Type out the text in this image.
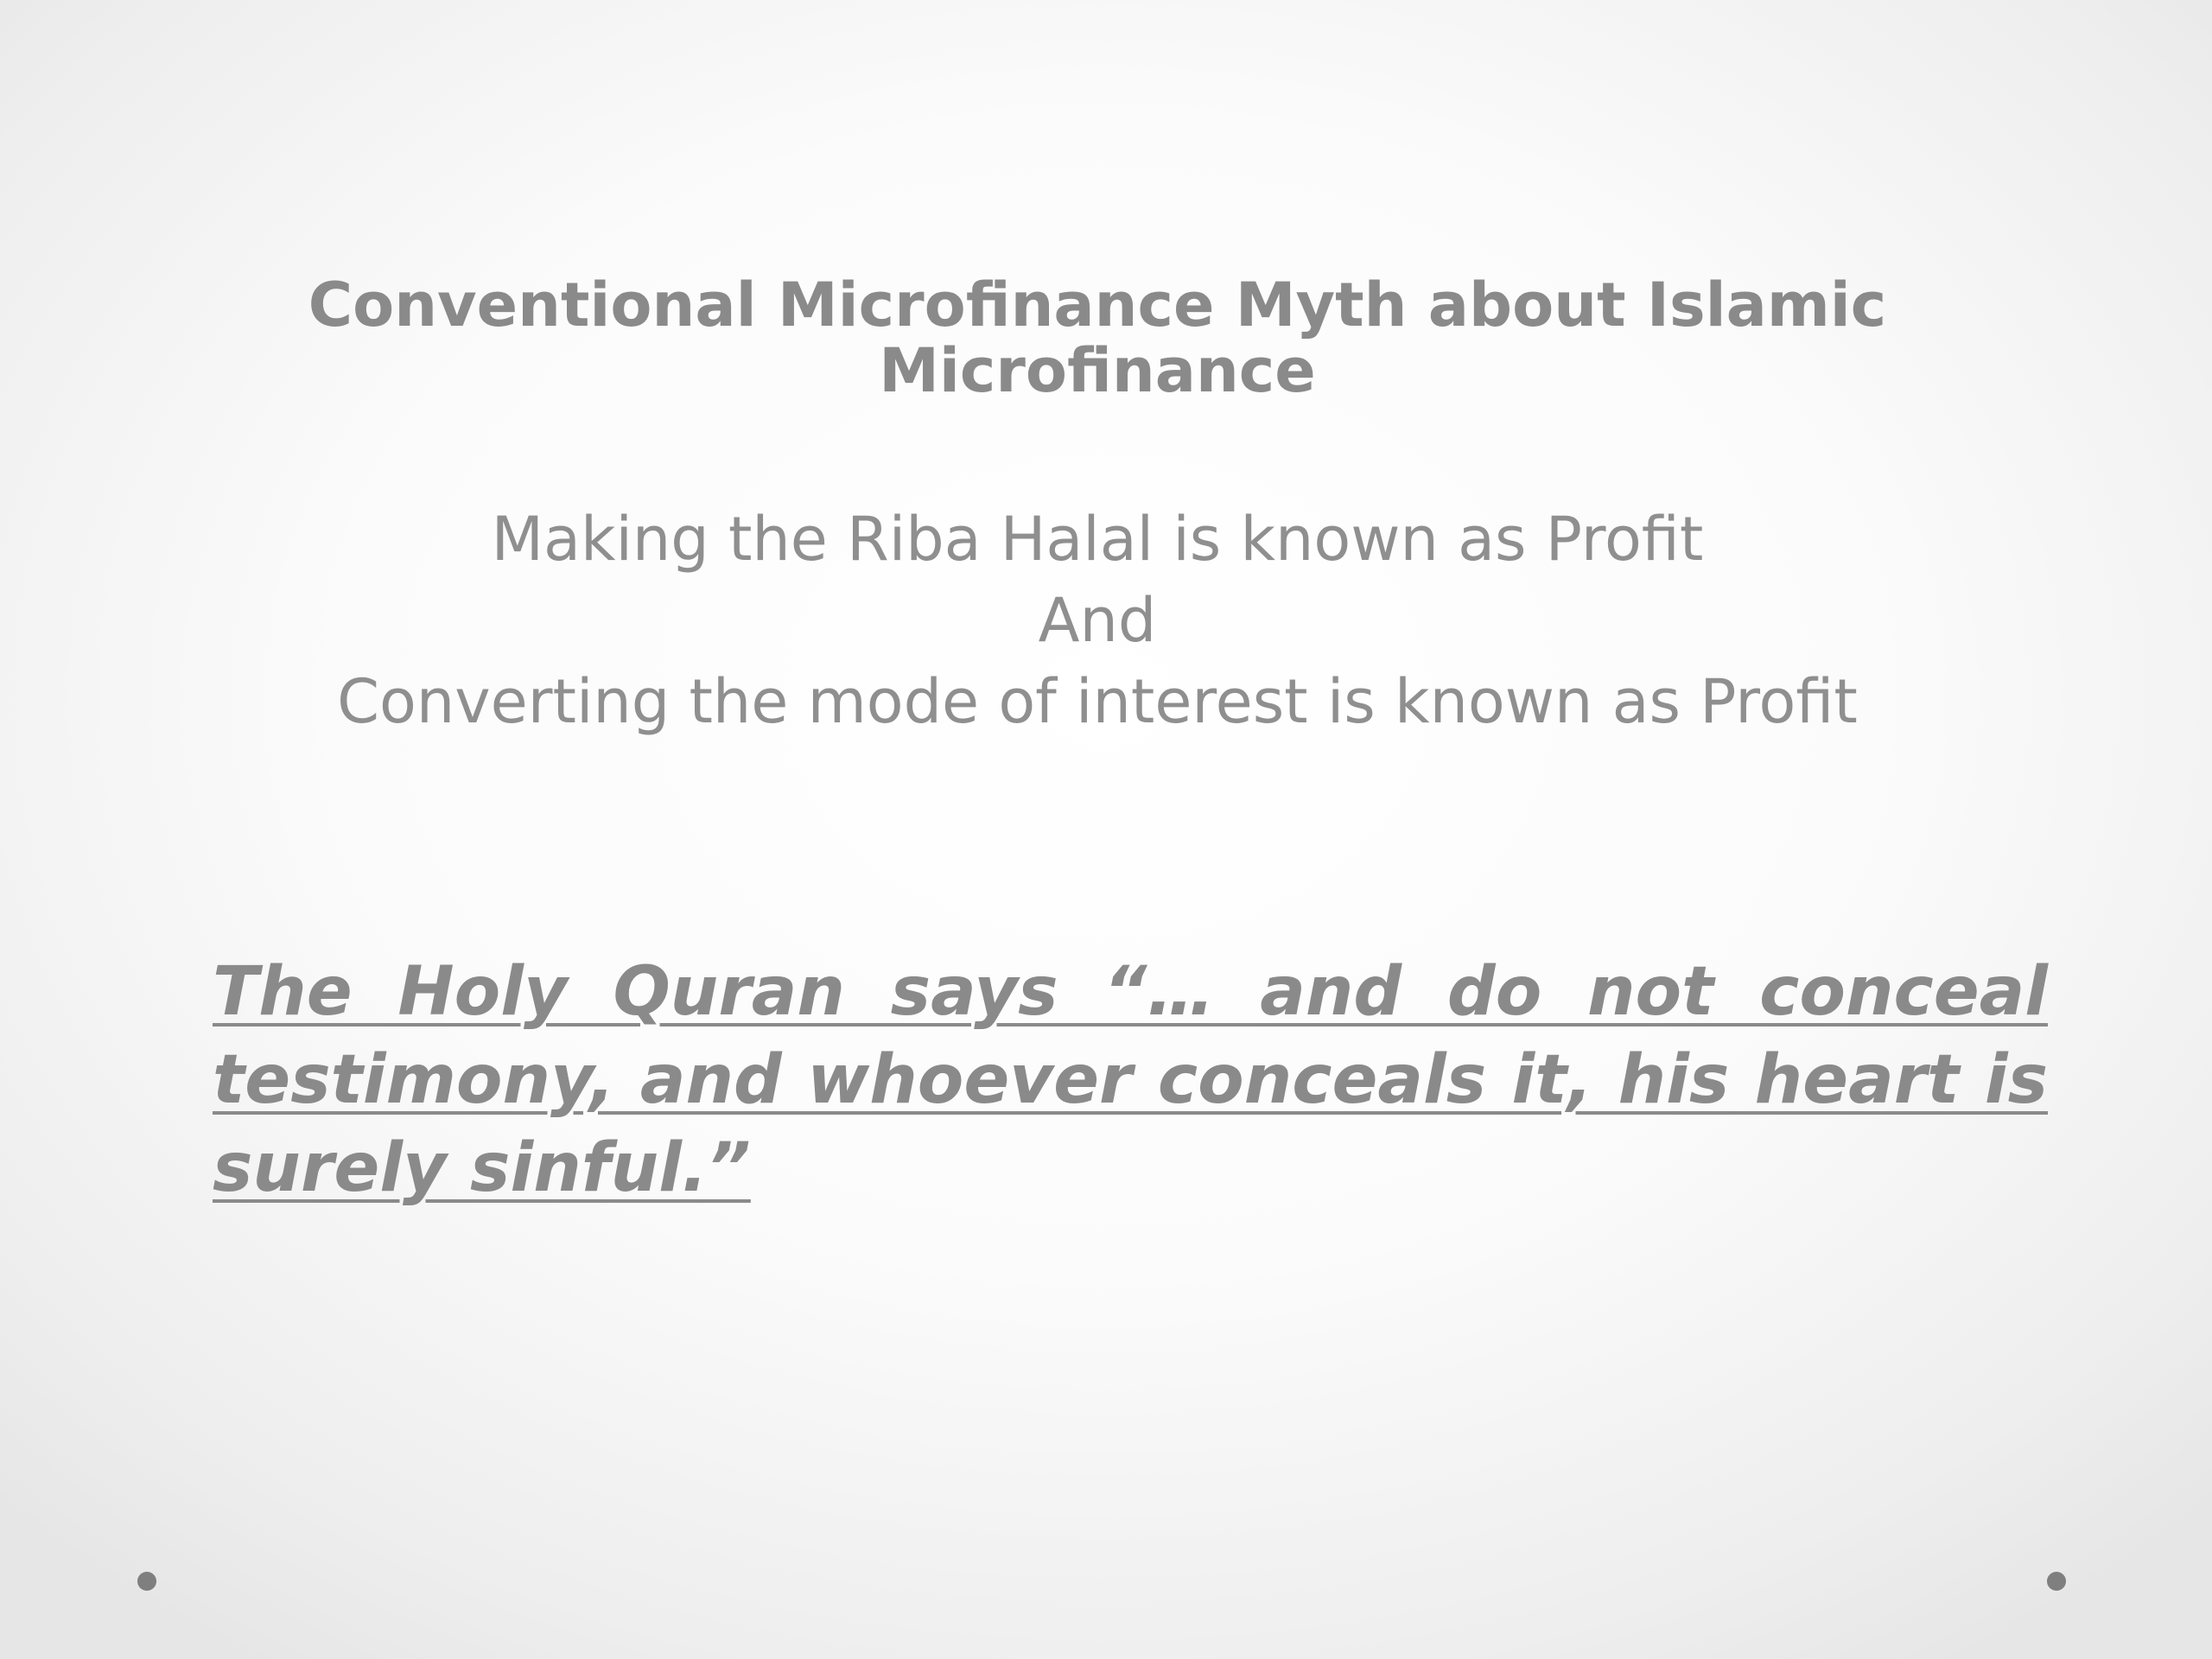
Conventional Microfinance Myth about Islamic Microfinance
Making the Riba Halal is known as Profit
And
Converting the mode of interest is known as Profit
The Holy Quran says “… and do not conceal testimony, and whoever conceals it, his heart is surely sinful.”
